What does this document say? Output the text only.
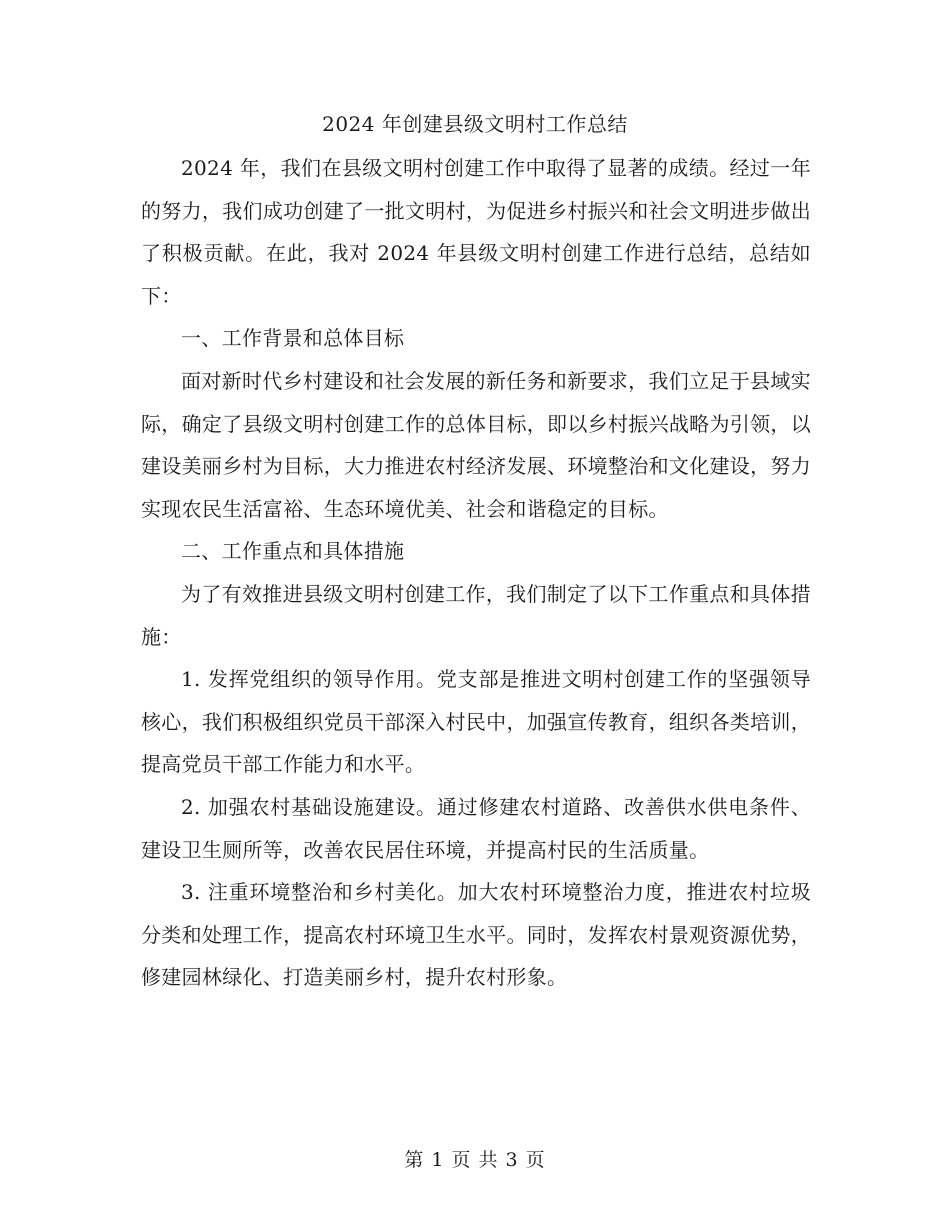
2024 年创建县级文明村工作总结

2024 年，我们在县级文明村创建工作中取得了显著的成绩。经过一年的努力，我们成功创建了一批文明村，为促进乡村振兴和社会文明进步做出了积极贡献。在此，我对 2024 年县级文明村创建工作进行总结，总结如下：

一、工作背景和总体目标

面对新时代乡村建设和社会发展的新任务和新要求，我们立足于县域实际，确定了县级文明村创建工作的总体目标，即以乡村振兴战略为引领，以建设美丽乡村为目标，大力推进农村经济发展、环境整治和文化建设，努力实现农民生活富裕、生态环境优美、社会和谐稳定的目标。

二、工作重点和具体措施

为了有效推进县级文明村创建工作，我们制定了以下工作重点和具体措施：

1. 发挥党组织的领导作用。党支部是推进文明村创建工作的坚强领导核心，我们积极组织党员干部深入村民中，加强宣传教育，组织各类培训，提高党员干部工作能力和水平。

2. 加强农村基础设施建设。通过修建农村道路、改善供水供电条件、建设卫生厕所等，改善农民居住环境，并提高村民的生活质量。

3. 注重环境整治和乡村美化。加大农村环境整治力度，推进农村垃圾分类和处理工作，提高农村环境卫生水平。同时，发挥农村景观资源优势，修建园林绿化、打造美丽乡村，提升农村形象。

第 1 页 共 3 页
